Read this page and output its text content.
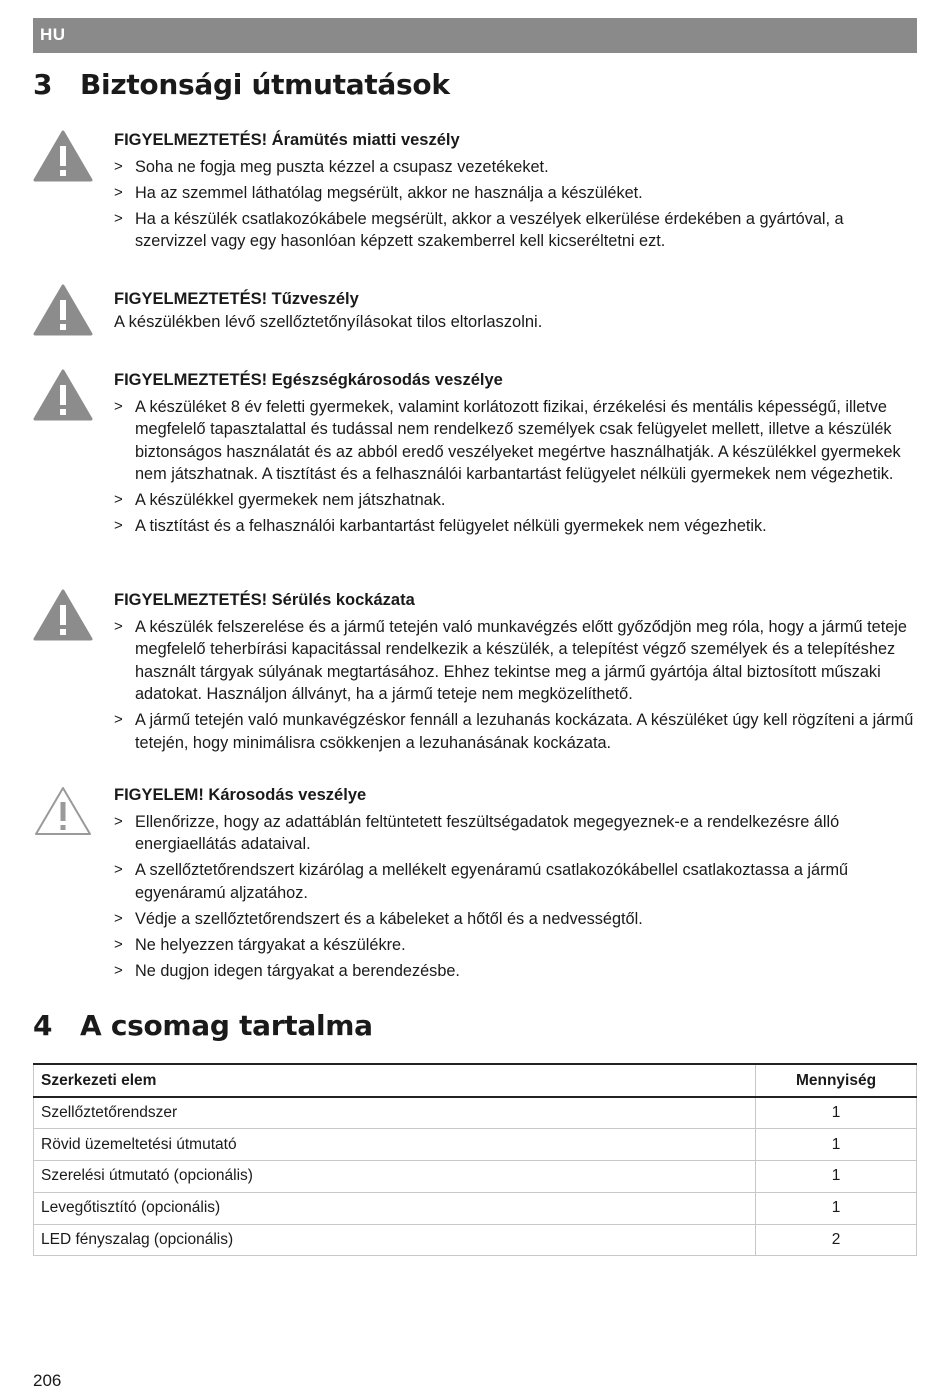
HU
3 Biztonsági útmutatások
FIGYELMEZTETÉS! Áramütés miatti veszély
> Soha ne fogja meg puszta kézzel a csupasz vezetékeket.
> Ha az szemmel láthatólag megsérült, akkor ne használja a készüléket.
> Ha a készülék csatlakozókábele megsérült, akkor a veszélyek elkerülése érdekében a gyártóval, a szervizzel vagy egy hasonlóan képzett szakemberrel kell kicseréltetni ezt.
FIGYELMEZTETÉS! Tűzveszély
A készülékben lévő szellőztetőnyílásokat tilos eltorlaszolni.
FIGYELMEZTETÉS! Egészségkárosodás veszélye
> A készüléket 8 év feletti gyermekek, valamint korlátozott fizikai, érzékelési és mentális képességű, illetve megfelelő tapasztalattal és tudással nem rendelkező személyek csak felügyelet mellett, illetve a készülék biztonságos használatát és az abból eredő veszélyeket megértve használhatják. A készülékkel gyermekek nem játszhatnak. A tisztítást és a felhasználói karbantartást felügyelet nélküli gyermekek nem végezhetik.
> A készülékkel gyermekek nem játszhatnak.
> A tisztítást és a felhasználói karbantartást felügyelet nélküli gyermekek nem végezhetik.
FIGYELMEZTETÉS! Sérülés kockázata
> A készülék felszerelése és a jármű tetején való munkavégzés előtt győződjön meg róla, hogy a jármű teteje megfelelő teherbírási kapacitással rendelkezik a készülék, a telepítést végző személyek és a telepítéshez használt tárgyak súlyának megtartásához. Ehhez tekintse meg a jármű gyártója által biztosított műszaki adatokat. Használjon állványt, ha a jármű teteje nem megközelíthető.
> A jármű tetején való munkavégzéskor fennáll a lezuhanás kockázata. A készüléket úgy kell rögzíteni a jármű tetején, hogy minimálisra csökkenjen a lezuhanásának kockázata.
FIGYELEM! Károsodás veszélye
> Ellenőrizze, hogy az adattáblán feltüntetett feszültségadatok megegyeznek-e a rendelkezésre álló energiaellátás adataival.
> A szellőztetőrendszert kizárólag a mellékelt egyenáramú csatlakozókábellel csatlakoztassa a jármű egyenáramú aljzatához.
> Védje a szellőztetőrendszert és a kábeleket a hőtől és a nedvességtől.
> Ne helyezzen tárgyakat a készülékre.
> Ne dugjon idegen tárgyakat a berendezésbe.
4 A csomag tartalma
Szerkezeti elem	Mennyiség
Szellőztetőrendszer	1
Rövid üzemeltetési útmutató	1
Szerelési útmutató (opcionális)	1
Levegőtisztító (opcionális)	1
LED fényszalag (opcionális)	2
206
